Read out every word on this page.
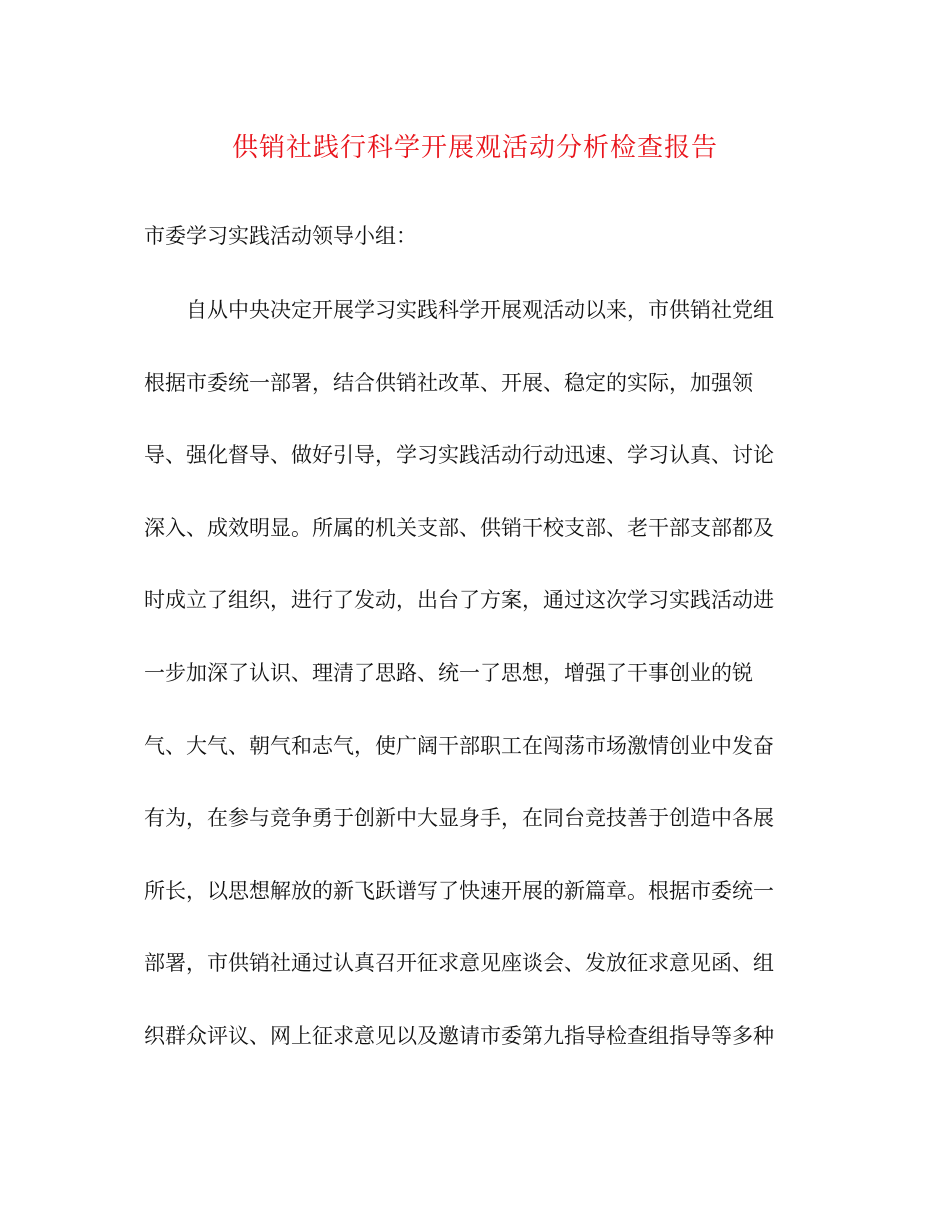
供销社践行科学开展观活动分析检查报告

市委学习实践活动领导小组：

自从中央决定开展学习实践科学开展观活动以来，市供销社党组
根据市委统一部署，结合供销社改革、开展、稳定的实际，加强领
导、强化督导、做好引导，学习实践活动行动迅速、学习认真、讨论
深入、成效明显。所属的机关支部、供销干校支部、老干部支部都及
时成立了组织，进行了发动，出台了方案，通过这次学习实践活动进
一步加深了认识、理清了思路、统一了思想，增强了干事创业的锐
气、大气、朝气和志气，使广阔干部职工在闯荡市场激情创业中发奋
有为，在参与竞争勇于创新中大显身手，在同台竞技善于创造中各展
所长，以思想解放的新飞跃谱写了快速开展的新篇章。根据市委统一
部署，市供销社通过认真召开征求意见座谈会、发放征求意见函、组
织群众评议、网上征求意见以及邀请市委第九指导检查组指导等多种
